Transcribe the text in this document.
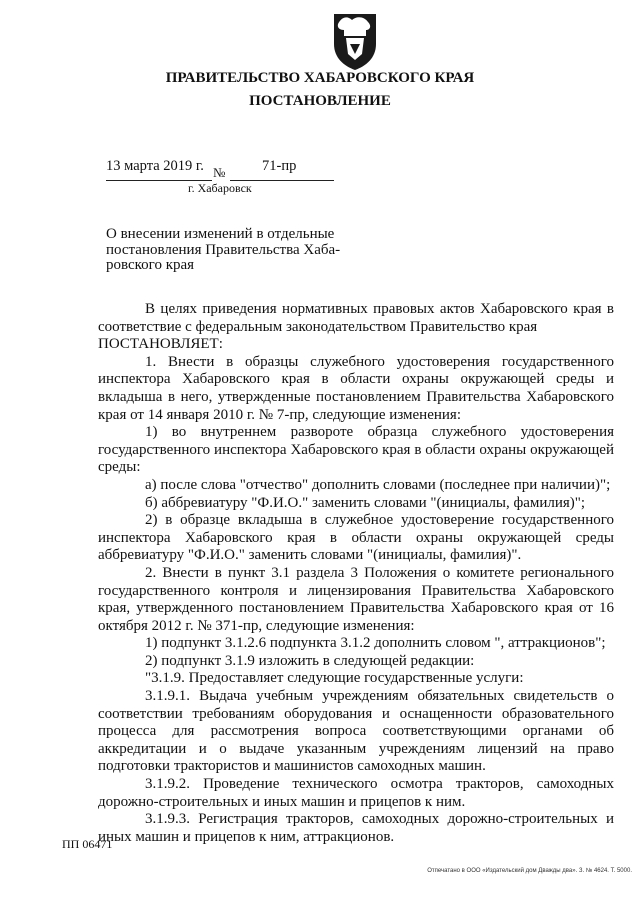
ПРАВИТЕЛЬСТВО ХАБАРОВСКОГО КРАЯ
ПОСТАНОВЛЕНИЕ
13 марта 2019 г. №	71-пр
г. Хабаровск
О внесении изменений в отдельные постановления Правительства Хаба-ровского края

В целях приведения нормативных правовых актов Хабаровского края в соответствие с федеральным законодательством Правительство края

ПОСТАНОВЛЯЕТ:

1. Внести в образцы служебного удостоверения государственного инспектора Хабаровского края в области охраны окружающей среды и вкладыша в него, утвержденные постановлением Правительства Хабаровского края от 14 января 2010 г. № 7-пр, следующие изменения:

1) во внутреннем развороте образца служебного удостоверения государственного инспектора Хабаровского края в области охраны окружающей среды:

а) после слова "отчество" дополнить словами (последнее при наличии)";

б) аббревиатуру "Ф.И.О." заменить словами "(инициалы, фамилия)";

2) в образце вкладыша в служебное удостоверение государственного инспектора Хабаровского края в области охраны окружающей среды аббревиатуру "Ф.И.О." заменить словами "(инициалы, фамилия)".

2. Внести в пункт 3.1 раздела 3 Положения о комитете регионального государственного контроля и лицензирования Правительства Хабаровского края, утвержденного постановлением Правительства Хабаровского края от 16 октября 2012 г. № 371-пр, следующие изменения:

1) подпункт 3.1.2.6 подпункта 3.1.2 дополнить словом ", аттракционов";

2) подпункт 3.1.9 изложить в следующей редакции:

"3.1.9. Предоставляет следующие государственные услуги:

3.1.9.1. Выдача учебным учреждениям обязательных свидетельств о соответствии требованиям оборудования и оснащенности образовательного процесса для рассмотрения вопроса соответствующими органами об аккредитации и о выдаче указанным учреждениям лицензий на право подготовки трактористов и машинистов самоходных машин.

3.1.9.2. Проведение технического осмотра тракторов, самоходных дорожно-строительных и иных машин и прицепов к ним.

3.1.9.3. Регистрация тракторов, самоходных дорожно-строительных и иных машин и прицепов к ним, аттракционов.

ПП 06471
Отпечатано в ООО «Издательский дом Дважды два». З. № 4624. Т. 5000.
